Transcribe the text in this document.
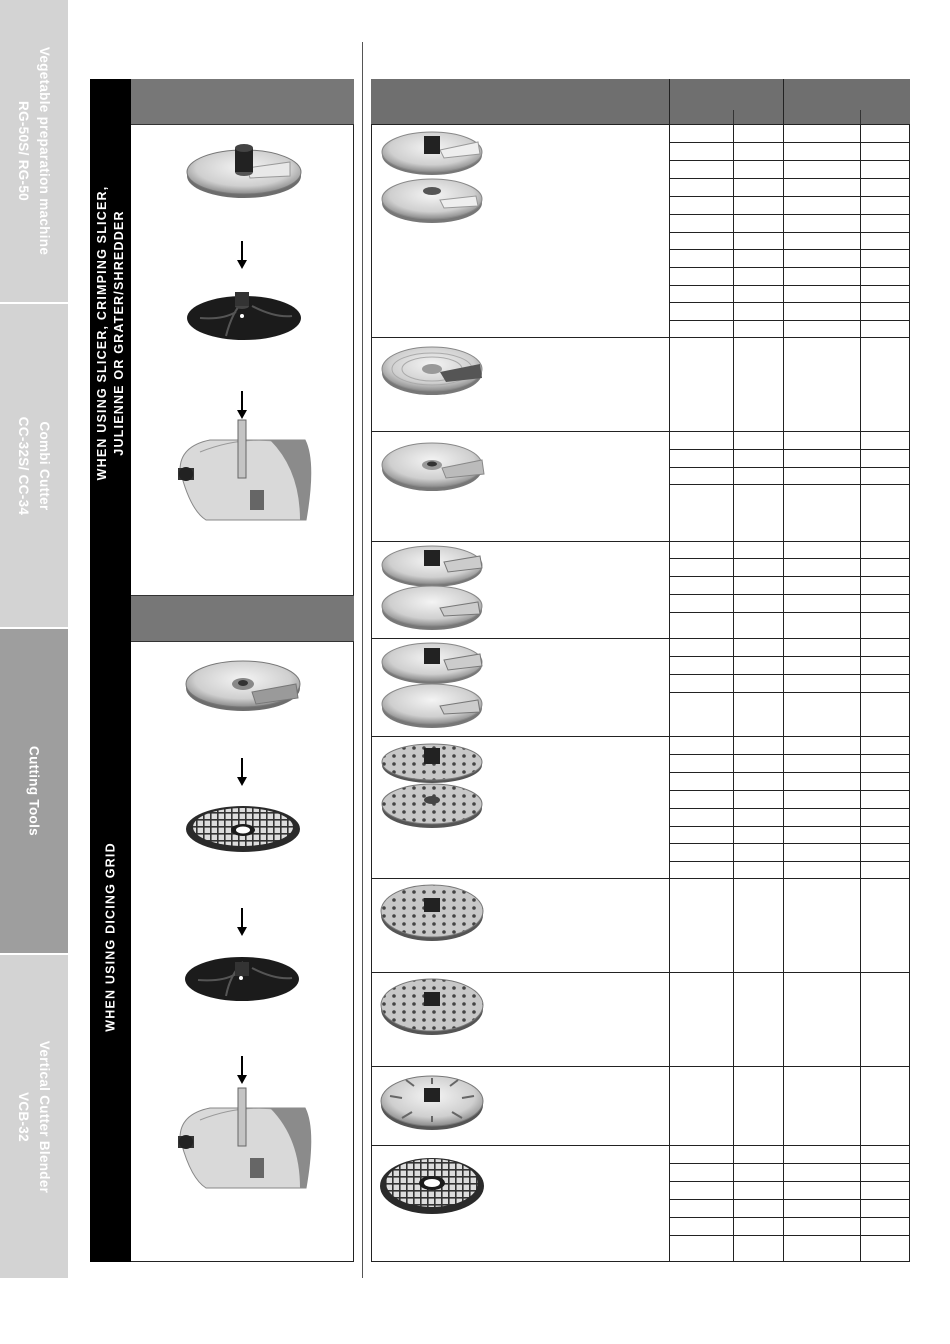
Vegetable preparation machine
RG-50S/ RG-50
Combi Cutter
CC-32S/ CC-34
Cutting Tools
Vertical Cutter Blender
VCB-32
WHEN USING SLICER, CRIMPING SLICER, JULIENNE OR GRATER/SHREDDER
WHEN USING DICING GRID
